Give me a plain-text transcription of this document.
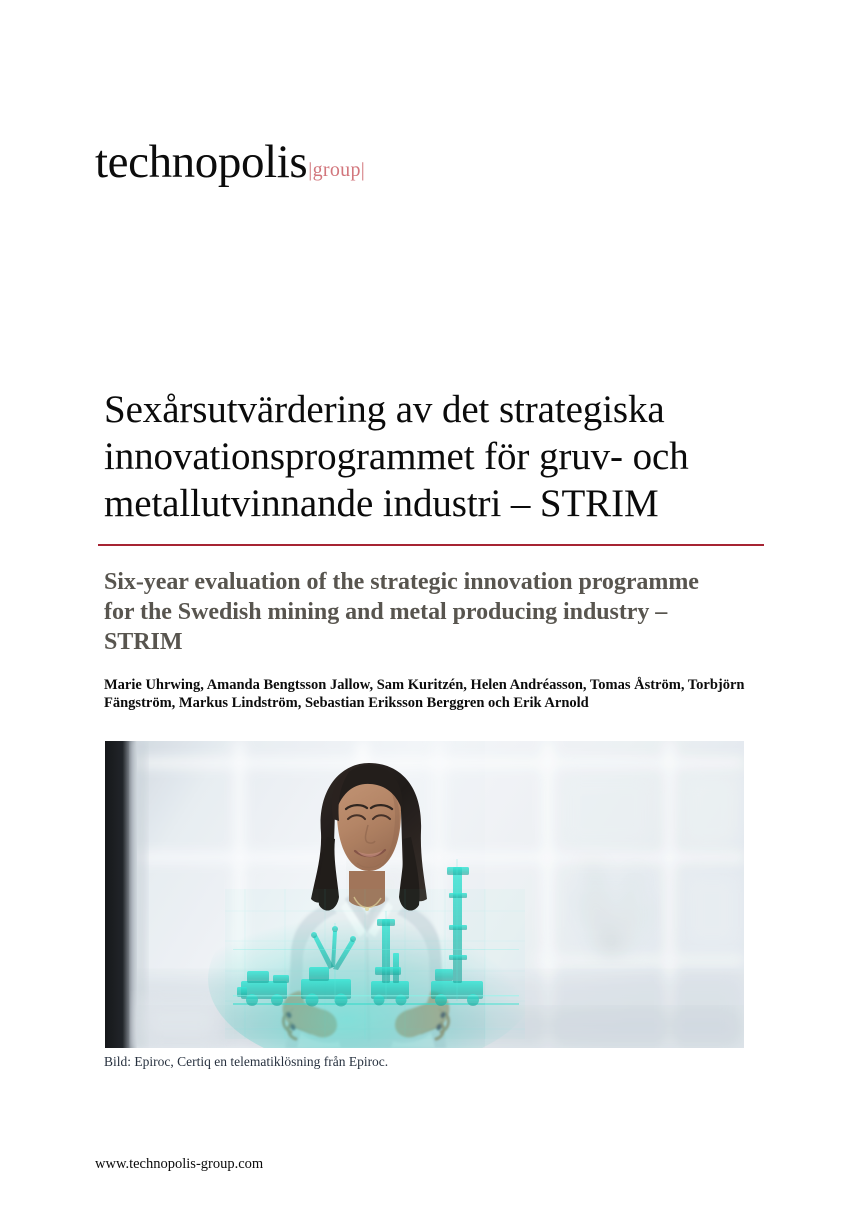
technopolis |group|
Sexårsutvärdering av det strategiska innovationsprogrammet för gruv- och metallutvinnande industri – STRIM
Six-year evaluation of the strategic innovation programme for the Swedish mining and metal producing industry – STRIM

Marie Uhrwing, Amanda Bengtsson Jallow, Sam Kuritzén, Helen Andréasson, Tomas Åström, Torbjörn Fängström, Markus Lindström, Sebastian Eriksson Berggren och Erik Arnold

Bild: Epiroc, Certiq en telematiklösning från Epiroc.

www.technopolis-group.com
